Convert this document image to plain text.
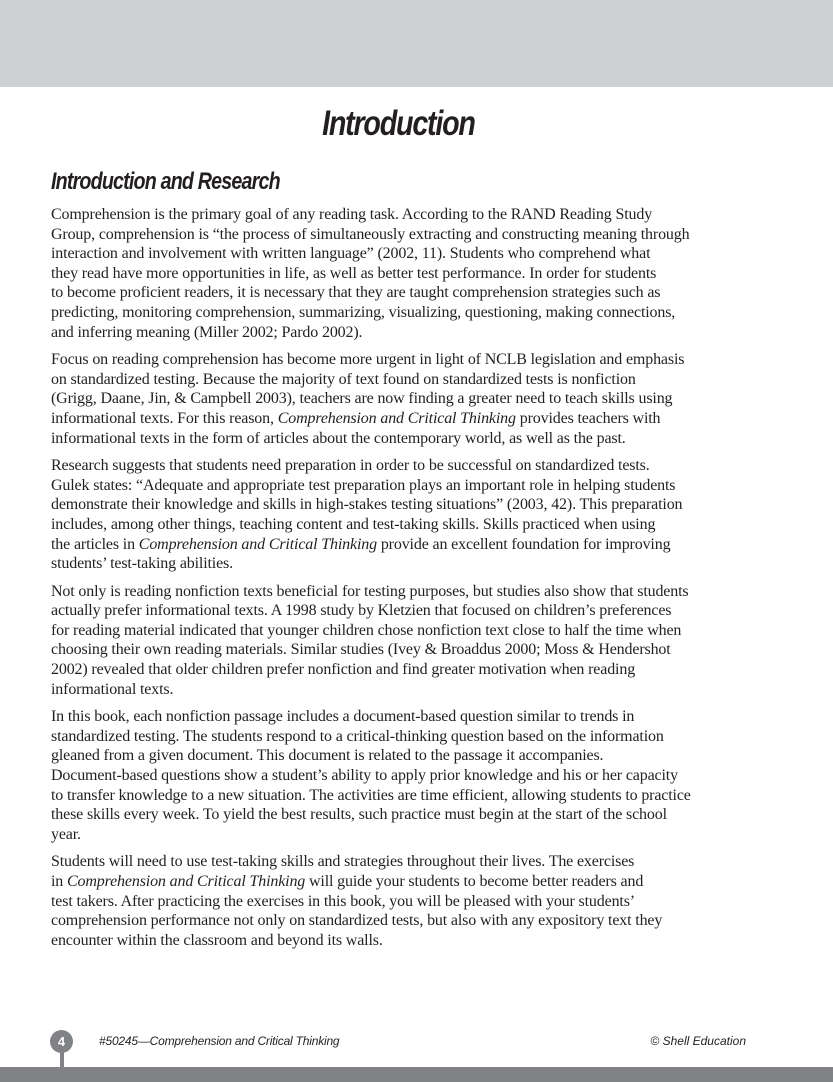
Introduction
Introduction and Research

Comprehension is the primary goal of any reading task. According to the RAND Reading Study
Group, comprehension is “the process of simultaneously extracting and constructing meaning through
interaction and involvement with written language” (2002, 11). Students who comprehend what
they read have more opportunities in life, as well as better test performance. In order for students
to become proficient readers, it is necessary that they are taught comprehension strategies such as
predicting, monitoring comprehension, summarizing, visualizing, questioning, making connections,
and inferring meaning (Miller 2002; Pardo 2002).

Focus on reading comprehension has become more urgent in light of NCLB legislation and emphasis
on standardized testing. Because the majority of text found on standardized tests is nonfiction
(Grigg, Daane, Jin, & Campbell 2003), teachers are now finding a greater need to teach skills using
informational texts. For this reason, Comprehension and Critical Thinking provides teachers with
informational texts in the form of articles about the contemporary world, as well as the past.

Research suggests that students need preparation in order to be successful on standardized tests.
Gulek states: “Adequate and appropriate test preparation plays an important role in helping students
demonstrate their knowledge and skills in high-stakes testing situations” (2003, 42). This preparation
includes, among other things, teaching content and test-taking skills. Skills practiced when using
the articles in Comprehension and Critical Thinking provide an excellent foundation for improving
students’ test-taking abilities.

Not only is reading nonfiction texts beneficial for testing purposes, but studies also show that students
actually prefer informational texts. A 1998 study by Kletzien that focused on children’s preferences
for reading material indicated that younger children chose nonfiction text close to half the time when
choosing their own reading materials. Similar studies (Ivey & Broaddus 2000; Moss & Hendershot
2002) revealed that older children prefer nonfiction and find greater motivation when reading
informational texts.

In this book, each nonfiction passage includes a document-based question similar to trends in
standardized testing. The students respond to a critical-thinking question based on the information
gleaned from a given document. This document is related to the passage it accompanies.
Document-based questions show a student’s ability to apply prior knowledge and his or her capacity
to transfer knowledge to a new situation. The activities are time efficient, allowing students to practice
these skills every week. To yield the best results, such practice must begin at the start of the school
year.

Students will need to use test-taking skills and strategies throughout their lives. The exercises
in Comprehension and Critical Thinking will guide your students to become better readers and
test takers. After practicing the exercises in this book, you will be pleased with your students’
comprehension performance not only on standardized tests, but also with any expository text they
encounter within the classroom and beyond its walls.

4	#50245—Comprehension and Critical Thinking	© Shell Education
